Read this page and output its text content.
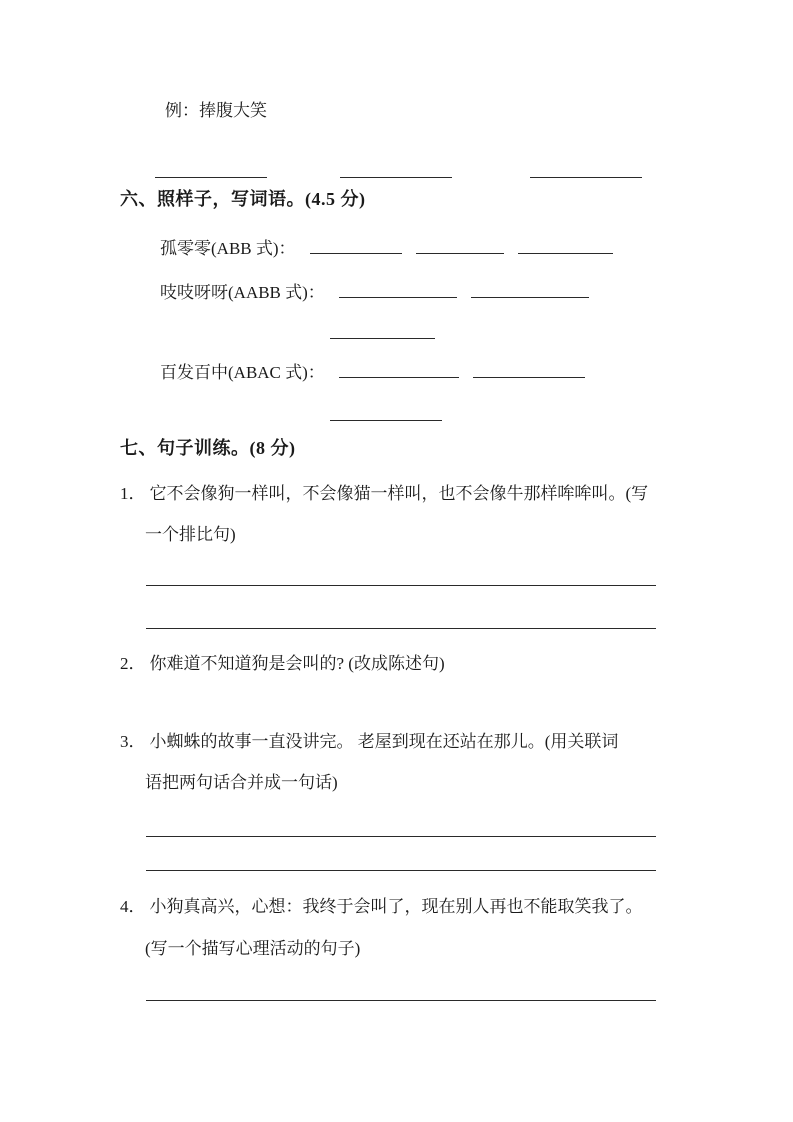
例：捧腹大笑
六、照样子，写词语。(4.5 分)
孤零零(ABB 式)：
吱吱呀呀(AABB 式)：
百发百中(ABAC 式)：
七、句子训练。(8 分)
1． 它不会像狗一样叫，不会像猫一样叫，也不会像牛那样哞哞叫。(写
一个排比句)
2． 你难道不知道狗是会叫的? (改成陈述句)
3． 小蜘蛛的故事一直没讲完。 老屋到现在还站在那儿。(用关联词
语把两句话合并成一句话)
4． 小狗真高兴，心想：我终于会叫了，现在别人再也不能取笑我了。
(写一个描写心理活动的句子)
